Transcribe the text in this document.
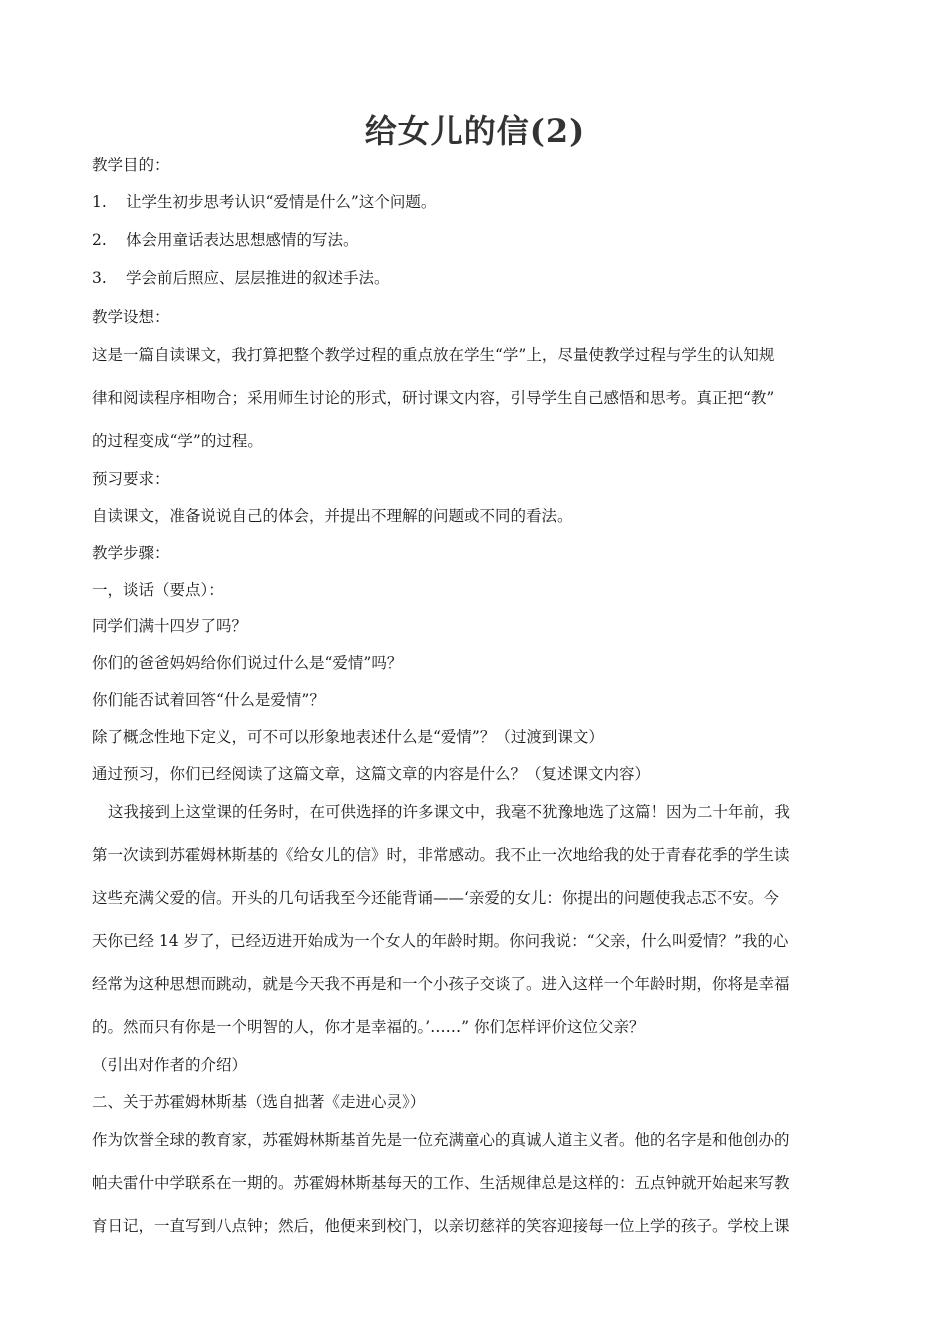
给女儿的信(2)
教学目的：
1. 让学生初步思考认识“爱情是什么”这个问题。
2. 体会用童话表达思想感情的写法。
3. 学会前后照应、层层推进的叙述手法。
教学设想：
这是一篇自读课文，我打算把整个教学过程的重点放在学生“学”上，尽量使教学过程与学生的认知规
律和阅读程序相吻合；采用师生讨论的形式，研讨课文内容，引导学生自己感悟和思考。真正把“教”
的过程变成“学”的过程。
预习要求：
自读课文，准备说说自己的体会，并提出不理解的问题或不同的看法。
教学步骤：
一，谈话（要点）：
同学们满十四岁了吗？
你们的爸爸妈妈给你们说过什么是“爱情”吗？
你们能否试着回答“什么是爱情”？
除了概念性地下定义，可不可以形象地表述什么是“爱情”？（过渡到课文）
通过预习，你们已经阅读了这篇文章，这篇文章的内容是什么？（复述课文内容）
这我接到上这堂课的任务时，在可供选择的许多课文中，我毫不犹豫地选了这篇！因为二十年前，我
第一次读到苏霍姆林斯基的《给女儿的信》时，非常感动。我不止一次地给我的处于青春花季的学生读
这些充满父爱的信。开头的几句话我至今还能背诵——‘亲爱的女儿：你提出的问题使我忐忑不安。今
天你已经 14 岁了，已经迈进开始成为一个女人的年龄时期。你问我说：“父亲，什么叫爱情？”我的心
经常为这种思想而跳动，就是今天我不再是和一个小孩子交谈了。进入这样一个年龄时期，你将是幸福
的。然而只有你是一个明智的人，你才是幸福的。’……” 你们怎样评价这位父亲？
（引出对作者的介绍）
二、关于苏霍姆林斯基（选自拙著《走进心灵》）
作为饮誉全球的教育家，苏霍姆林斯基首先是一位充满童心的真诚人道主义者。他的名字是和他创办的
帕夫雷什中学联系在一期的。苏霍姆林斯基每天的工作、生活规律总是这样的：五点钟就开始起来写教
育日记，一直写到八点钟；然后，他便来到校门，以亲切慈祥的笑容迎接每一位上学的孩子。学校上课
